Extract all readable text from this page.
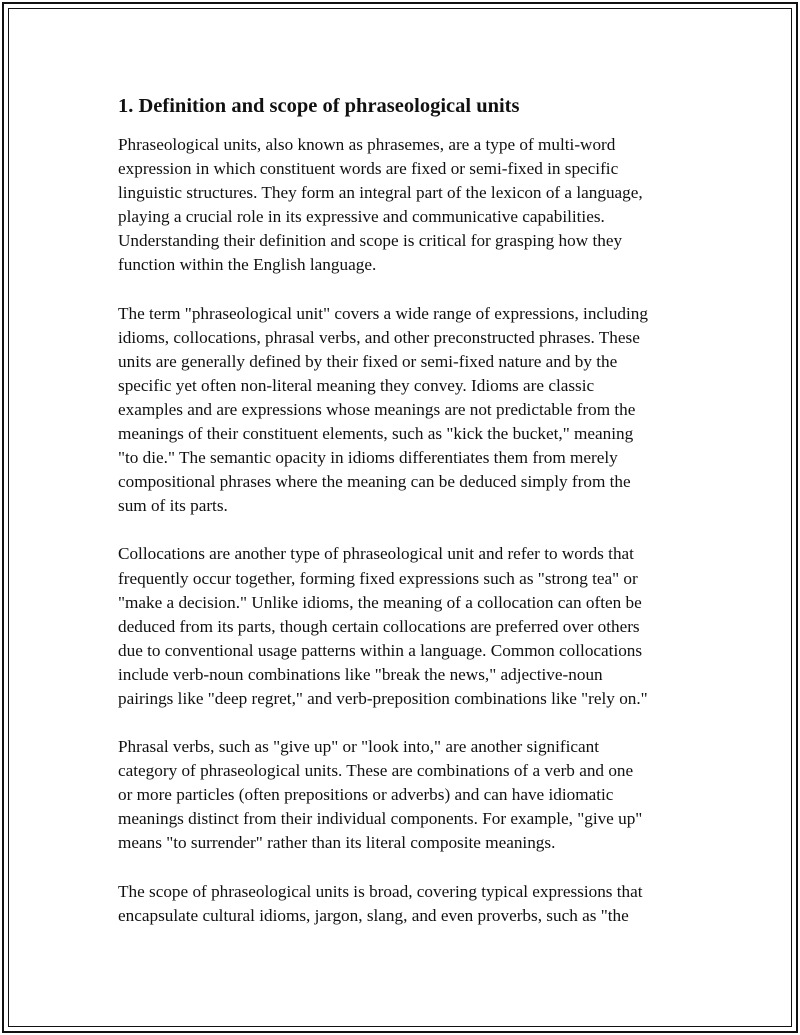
1. Definition and scope of phraseological units

Phraseological units, also known as phrasemes, are a type of multi-word
expression in which constituent words are fixed or semi-fixed in specific
linguistic structures. They form an integral part of the lexicon of a language,
playing a crucial role in its expressive and communicative capabilities.
Understanding their definition and scope is critical for grasping how they
function within the English language.

The term "phraseological unit" covers a wide range of expressions, including
idioms, collocations, phrasal verbs, and other preconstructed phrases. These
units are generally defined by their fixed or semi-fixed nature and by the
specific yet often non-literal meaning they convey. Idioms are classic
examples and are expressions whose meanings are not predictable from the
meanings of their constituent elements, such as "kick the bucket," meaning
"to die." The semantic opacity in idioms differentiates them from merely
compositional phrases where the meaning can be deduced simply from the
sum of its parts.

Collocations are another type of phraseological unit and refer to words that
frequently occur together, forming fixed expressions such as "strong tea" or
"make a decision." Unlike idioms, the meaning of a collocation can often be
deduced from its parts, though certain collocations are preferred over others
due to conventional usage patterns within a language. Common collocations
include verb-noun combinations like "break the news," adjective-noun
pairings like "deep regret," and verb-preposition combinations like "rely on."

Phrasal verbs, such as "give up" or "look into," are another significant
category of phraseological units. These are combinations of a verb and one
or more particles (often prepositions or adverbs) and can have idiomatic
meanings distinct from their individual components. For example, "give up"
means "to surrender" rather than its literal composite meanings.

The scope of phraseological units is broad, covering typical expressions that
encapsulate cultural idioms, jargon, slang, and even proverbs, such as "the
